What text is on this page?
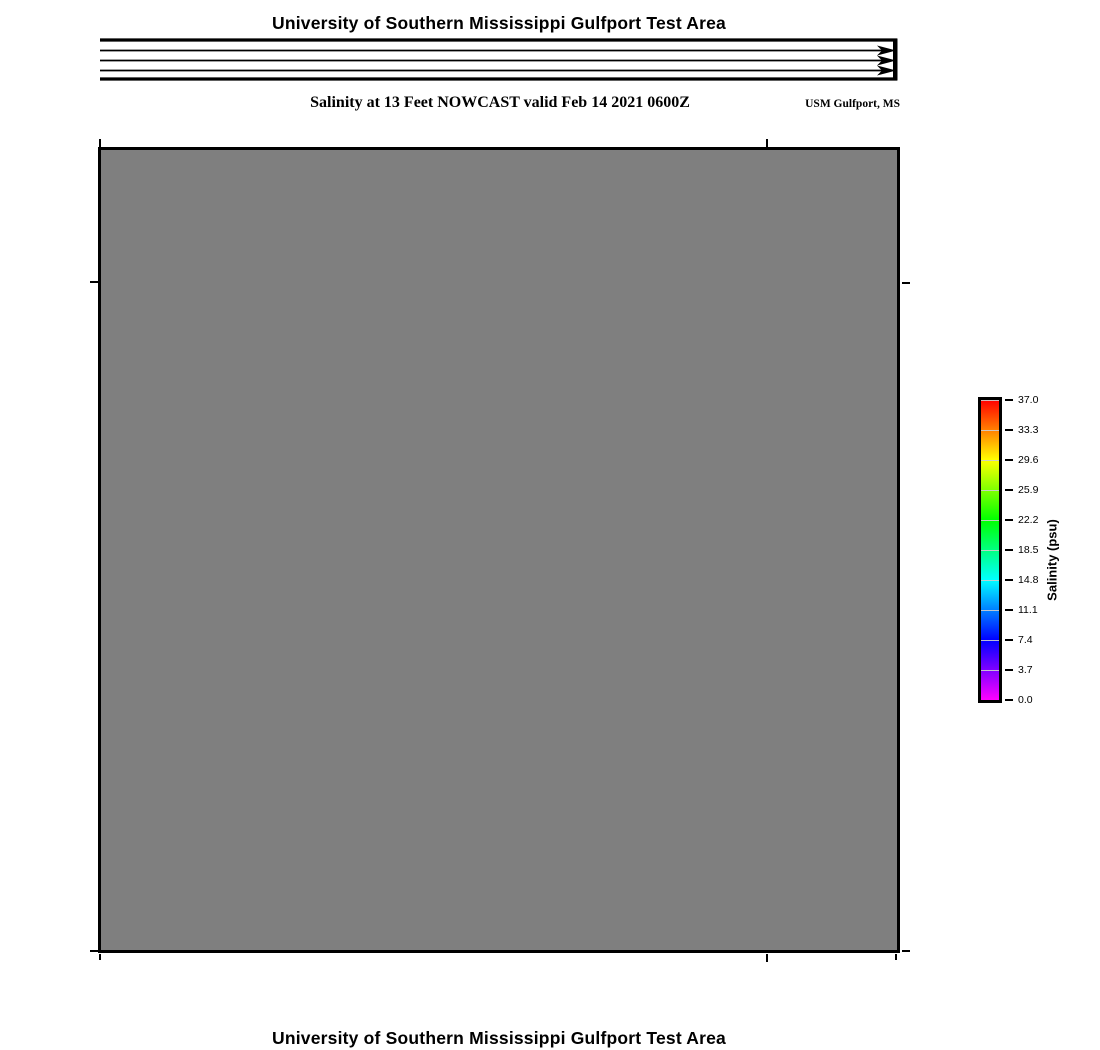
University of Southern Mississippi Gulfport Test Area
Salinity at 13 Feet NOWCAST valid Feb 14 2021 0600Z	USM Gulfport, MS
37.0
33.3
29.6
25.9
22.2
18.5
14.8
11.1
7.4
3.7
0.0
Salinity (psu)
University of Southern Mississippi Gulfport Test Area
